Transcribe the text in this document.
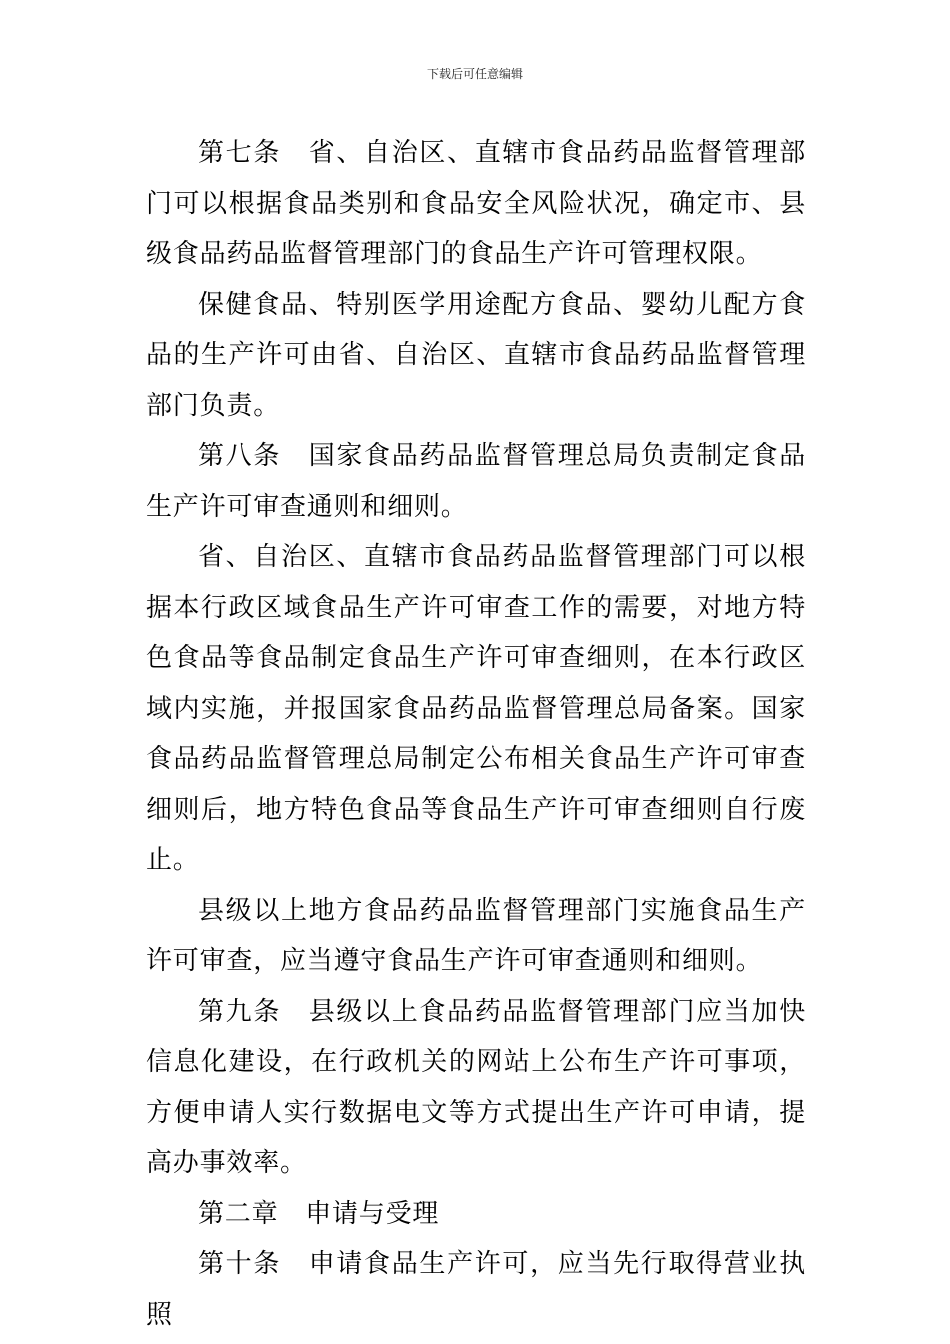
下载后可任意编辑

第七条　省、自治区、直辖市食品药品监督管理部门可以根据食品类别和食品安全风险状况，确定市、县级食品药品监督管理部门的食品生产许可管理权限。

保健食品、特别医学用途配方食品、婴幼儿配方食品的生产许可由省、自治区、直辖市食品药品监督管理部门负责。

第八条　国家食品药品监督管理总局负责制定食品生产许可审查通则和细则。

省、自治区、直辖市食品药品监督管理部门可以根据本行政区域食品生产许可审查工作的需要，对地方特色食品等食品制定食品生产许可审查细则，在本行政区域内实施，并报国家食品药品监督管理总局备案。国家食品药品监督管理总局制定公布相关食品生产许可审查细则后，地方特色食品等食品生产许可审查细则自行废止。

县级以上地方食品药品监督管理部门实施食品生产许可审查，应当遵守食品生产许可审查通则和细则。

第九条　县级以上食品药品监督管理部门应当加快信息化建设，在行政机关的网站上公布生产许可事项，方便申请人实行数据电文等方式提出生产许可申请，提高办事效率。

第二章　申请与受理

第十条　申请食品生产许可，应当先行取得营业执照
